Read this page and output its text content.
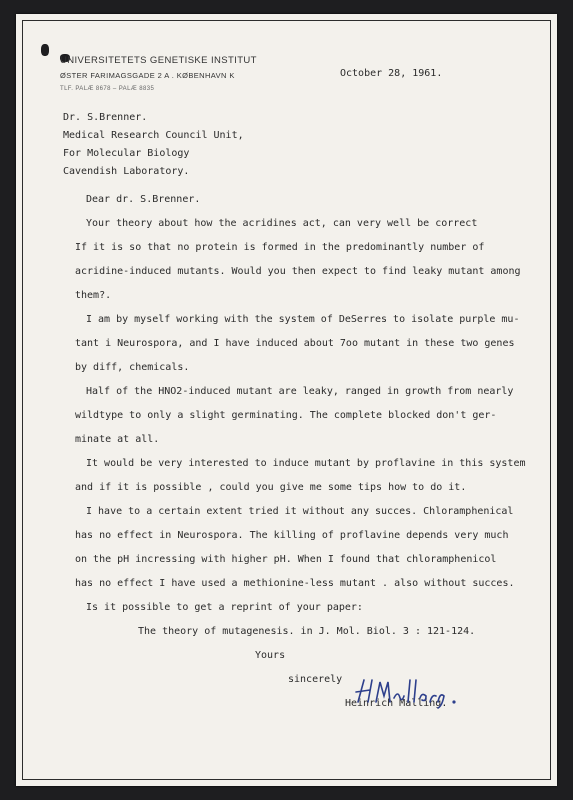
UNIVERSITETETS GENETISKE INSTITUT
ØSTER FARIMAGSGADE 2 A . KØBENHAVN K
TLF. PALÆ 8678 – PALÆ 8835
October 28, 1961.
Dr. S.Brenner.
Medical Research Council Unit,
For Molecular Biology
Cavendish Laboratory.
Dear dr. S.Brenner.
Your theory about how the acridines act, can very well be correct
If it is so that no protein is formed in the predominantly number of
acridine-induced mutants. Would you then expect to find leaky mutant among
them?.
I am by myself working with the system of DeSerres to isolate purple mu-
tant i Neurospora, and I have induced about 7oo mutant in these two genes
by diff, chemicals.
Half of the HNO2-induced mutant are leaky, ranged in growth from nearly
wildtype to only a slight germinating. The complete blocked don't ger-
minate at all.
It would be very interested to induce mutant by proflavine in this system
and if it is possible , could you give me some tips how to do it.
I have to a certain extent tried it without any succes. Chloramphenical
has no effect in Neurospora. The killing of proflavine depends very much
on the pH incressing with higher pH. When I found that chloramphenicol
has no effect I have used a methionine-less mutant . also without succes.
Is it possible to get a reprint of your paper:
The theory of mutagenesis. in J. Mol. Biol. 3 : 121-124.
Yours
sincerely
Heinrich Malling.
